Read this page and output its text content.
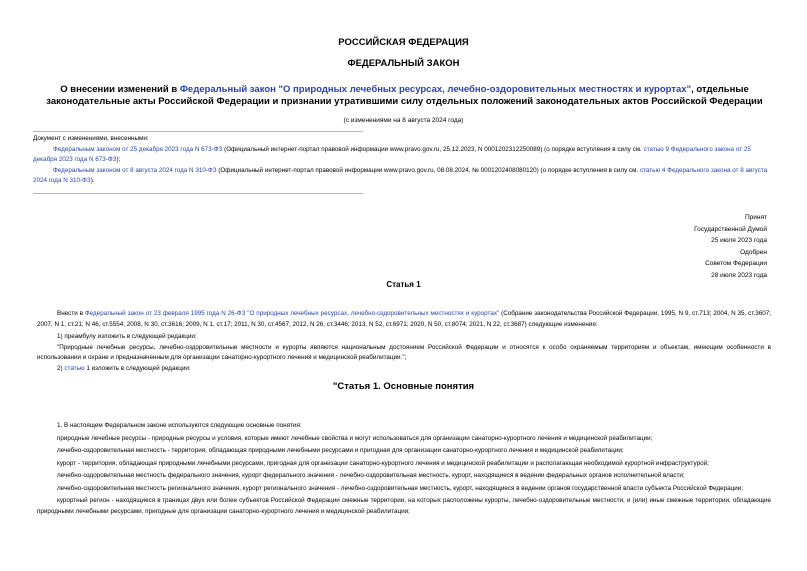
РОССИЙСКАЯ ФЕДЕРАЦИЯ
ФЕДЕРАЛЬНЫЙ ЗАКОН
О внесении изменений в Федеральный закон "О природных лечебных ресурсах, лечебно-оздоровительных местностях и курортах", отдельные законодательные акты Российской Федерации и признании утратившими силу отдельных положений законодательных актов Российской Федерации
(с изменениями на 8 августа 2024 года)

Документ с изменениями, внесенными:

Федеральным законом от 25 декабря 2023 года N 673-ФЗ (Официальный интернет-портал правовой информации www.pravo.gov.ru, 25.12.2023, N 0001202312250089) (о порядке вступления в силу см. статью 9 Федерального закона от 25 декабря 2023 года N 673-ФЗ);

Федеральным законом от 8 августа 2024 года N 310-ФЗ (Официальный интернет-портал правовой информации www.pravo.gov.ru, 08.08.2024, № 0001202408080120) (о порядке вступления в силу см. статью 4 Федерального закона от 8 августа 2024 года N 310-ФЗ).

Принят
Государственной Думой
25 июля 2023 года
Одобрен
Советом Федерации
28 июля 2023 года
Статья 1

Внести в Федеральный закон от 23 февраля 1995 года N 26-ФЗ "О природных лечебных ресурсах, лечебно-оздоровительных местностях и курортах" (Собрание законодательства Российской Федерации, 1995, N 9, ст.713; 2004, N 35, ст.3607; 2007, N 1, ст.21; N 46, ст.5554; 2008, N 30, ст.3616; 2009, N 1, ст.17; 2011, N 30, ст.4567; 2012, N 26, ст.3446; 2013, N 52, ст.6971; 2020, N 50, ст.8074; 2021, N 22, ст.3687) следующие изменения:

1) преамбулу изложить в следующей редакции:

"Природные лечебные ресурсы, лечебно-оздоровительные местности и курорты являются национальным достоянием Российской Федерации и относятся к особо охраняемым территориям и объектам, имеющим особенности в использовании и охране и предназначенным для организации санаторно-курортного лечения и медицинской реабилитации.";

2) статью 1 изложить в следующей редакции:

"Статья 1. Основные понятия

1. В настоящем Федеральном законе используются следующие основные понятия:

природные лечебные ресурсы - природные ресурсы и условия, которые имеют лечебные свойства и могут использоваться для организации санаторно-курортного лечения и медицинской реабилитации;

лечебно-оздоровительная местность - территория, обладающая природными лечебными ресурсами и пригодная для организации санаторно-курортного лечения и медицинской реабилитации;

курорт - территория, обладающая природными лечебными ресурсами, пригодная для организации санаторно-курортного лечения и медицинской реабилитации и располагающая необходимой курортной инфраструктурой;

лечебно-оздоровительная местность федерального значения, курорт федерального значения - лечебно-оздоровительная местность, курорт, находящиеся в ведении федеральных органов исполнительной власти;

лечебно-оздоровительная местность регионального значения, курорт регионального значения - лечебно-оздоровительная местность, курорт, находящиеся в ведении органов государственной власти субъекта Российской Федерации;

курортный регион - находящиеся в границах двух или более субъектов Российской Федерации смежные территории, на которых расположены курорты, лечебно-оздоровительные местности, и (или) иные смежные территории, обладающие природными лечебными ресурсами, пригодные для организации санаторно-курортного лечения и медицинской реабилитации;
